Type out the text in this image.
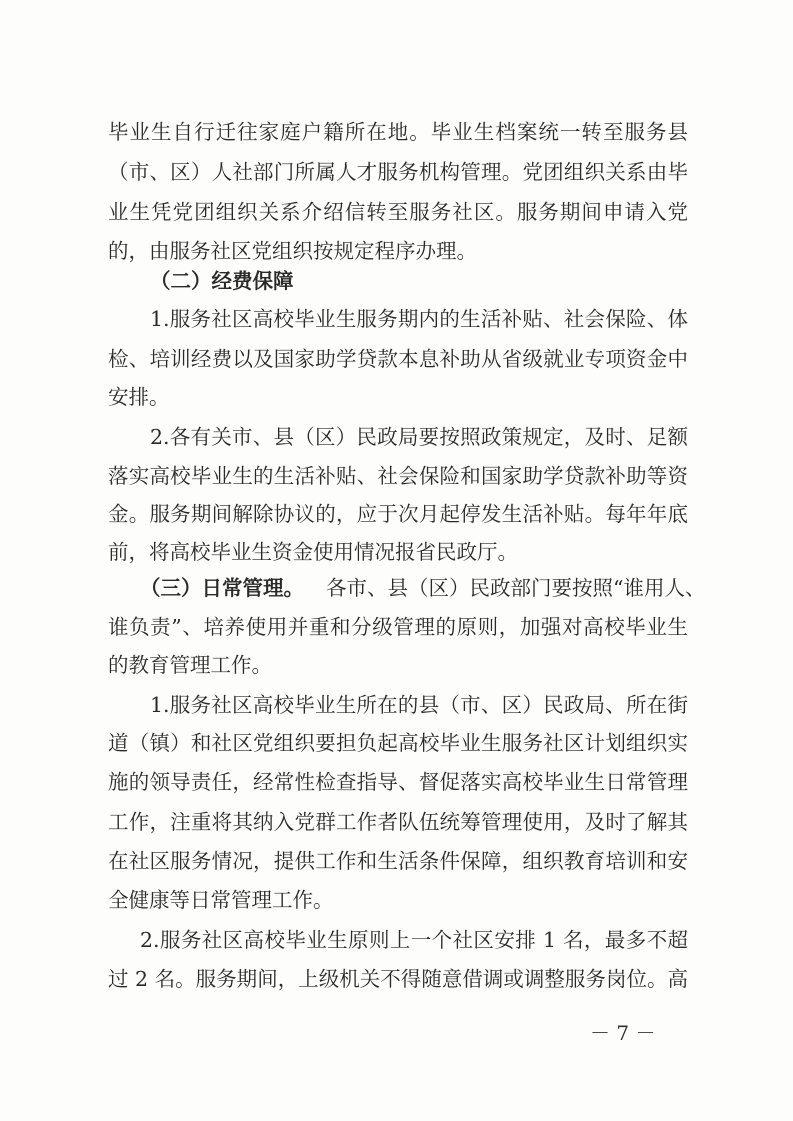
毕业生自行迁往家庭户籍所在地。毕业生档案统一转至服务县
（市、区）人社部门所属人才服务机构管理。党团组织关系由毕
业生凭党团组织关系介绍信转至服务社区。服务期间申请入党
的，由服务社区党组织按规定程序办理。
（二）经费保障
1.服务社区高校毕业生服务期内的生活补贴、社会保险、体
检、培训经费以及国家助学贷款本息补助从省级就业专项资金中
安排。
2.各有关市、县（区）民政局要按照政策规定，及时、足额
落实高校毕业生的生活补贴、社会保险和国家助学贷款补助等资
金。服务期间解除协议的，应于次月起停发生活补贴。每年年底
前，将高校毕业生资金使用情况报省民政厅。
（三）日常管理。 各市、县（区）民政部门要按照“谁用人、
谁负责”、培养使用并重和分级管理的原则，加强对高校毕业生
的教育管理工作。
1.服务社区高校毕业生所在的县（市、区）民政局、所在街
道（镇）和社区党组织要担负起高校毕业生服务社区计划组织实
施的领导责任，经常性检查指导、督促落实高校毕业生日常管理
工作，注重将其纳入党群工作者队伍统筹管理使用，及时了解其
在社区服务情况，提供工作和生活条件保障，组织教育培训和安
全健康等日常管理工作。
2.服务社区高校毕业生原则上一个社区安排 1 名，最多不超
过 2 名。服务期间，上级机关不得随意借调或调整服务岗位。高
－ 7 －
